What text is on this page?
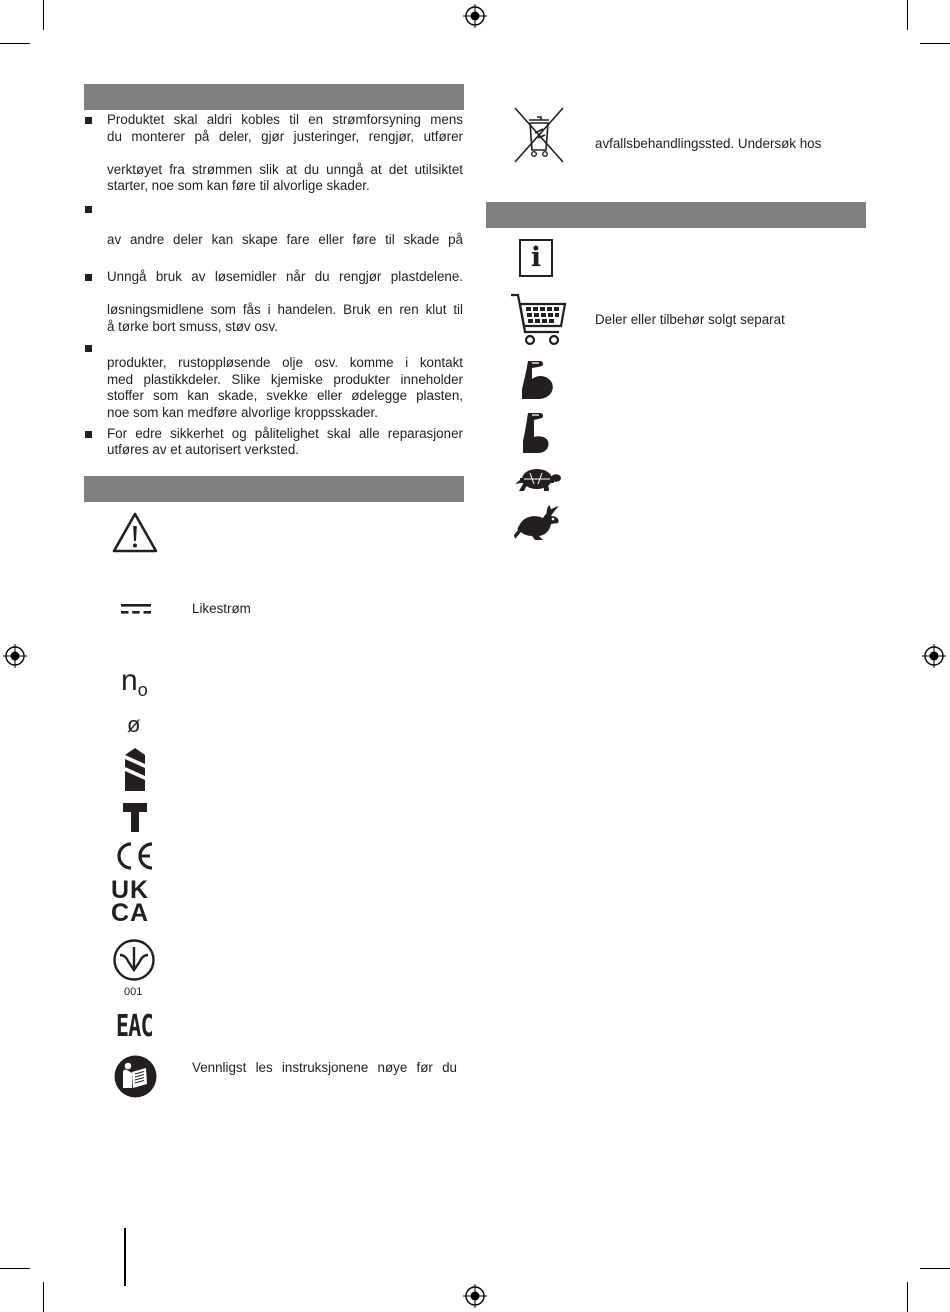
Produktet skal aldri kobles til en strømforsyning mens
du monterer på deler, gjør justeringer, rengjør, utfører
verktøyet fra strømmen slik at du unngå at det utilsiktet
starter, noe som kan føre til alvorlige skader.
av andre deler kan skape fare eller føre til skade på
Unngå bruk av løsemidler når du rengjør plastdelene.
løsningsmidlene som fås i handelen. Bruk en ren klut til
å tørke bort smuss, støv osv.
produkter, rustoppløsende olje osv. komme i kontakt
med plastikkdeler. Slike kjemiske produkter inneholder
stoffer som kan skade, svekke eller ødelegge plasten,
noe som kan medføre alvorlige kroppsskader.
For edre sikkerhet og pålitelighet skal alle reparasjoner
utføres av et autorisert verksted.
Likestrøm
$n_o$
ø
UK
CA
001
EAC
Vennligst les instruksjonene nøye før du
avfallsbehandlingssted. Undersøk hos
i
Deler eller tilbehør solgt separat
